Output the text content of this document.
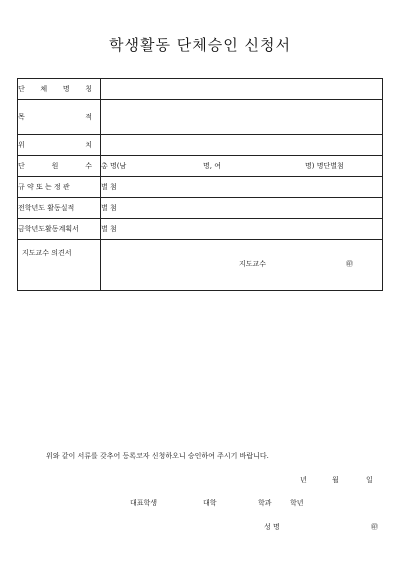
학생활동 단체승인 신청서
단 체 명 칭	

목 적	

위 치	

단 원 수	총 명(남 명, 여 명) 명단별첨

규 약 또 는 정 관	별 첨
전학년도 활동실적	별 첨
금학년도활동계획서	별 첨

지도교수 의견서	지도교수 ㊞
위와 같이 서류를 갖추어 등록코자 신청하오니 승인하여 주시기 바랍니다.
년	월	일
대표학생	대학	학과	학년
성 명	㊞
